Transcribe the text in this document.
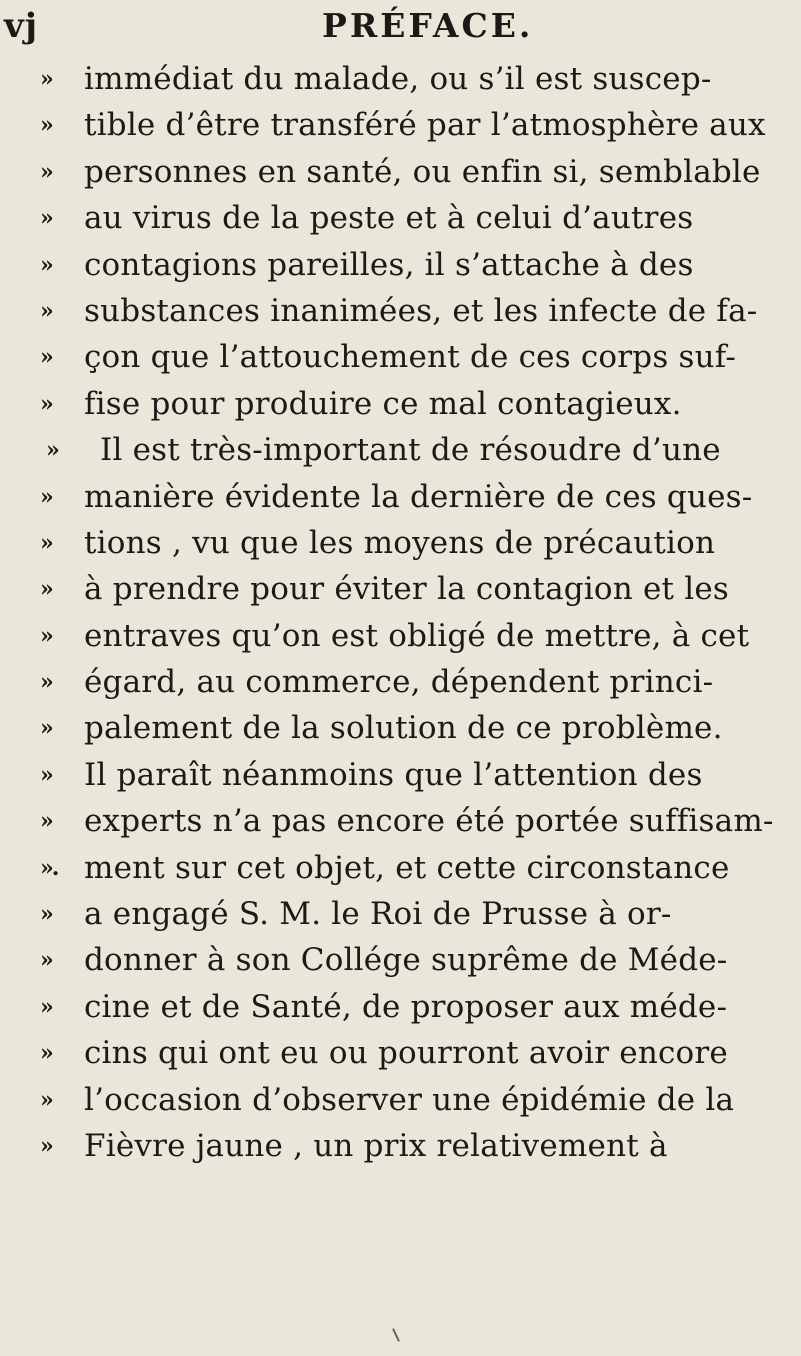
vj	PRÉFACE.
»	immédiat du malade, ou s’il est suscep-
»	tible d’être transféré par l’atmosphère aux
»	personnes en santé, ou enfin si, semblable
»	au virus de la peste et à celui d’autres
»	contagions pareilles, il s’attache à des
»	substances inanimées, et les infecte de fa-
»	çon que l’attouchement de ces corps suf-
»	fise pour produire ce mal contagieux.
»	Il est très-important de résoudre d’une
»	manière évidente la dernière de ces ques-
»	tions , vu que les moyens de précaution
»	à prendre pour éviter la contagion et les
»	entraves qu’on est obligé de mettre, à cet
»	égard, au commerce, dépendent princi-
»	palement de la solution de ce problème.
»	Il paraît néanmoins que l’attention des
»	experts n’a pas encore été portée suffisam-
». ment sur cet objet, et cette circonstance
»	a engagé S. M. le Roi de Prusse à or-
»	donner à son Collége suprême de Méde-
»	cine et de Santé, de proposer aux méde-
»	cins qui ont eu ou pourront avoir encore
»	l’occasion d’observer une épidémie de la
»	Fièvre jaune , un prix relativement à
